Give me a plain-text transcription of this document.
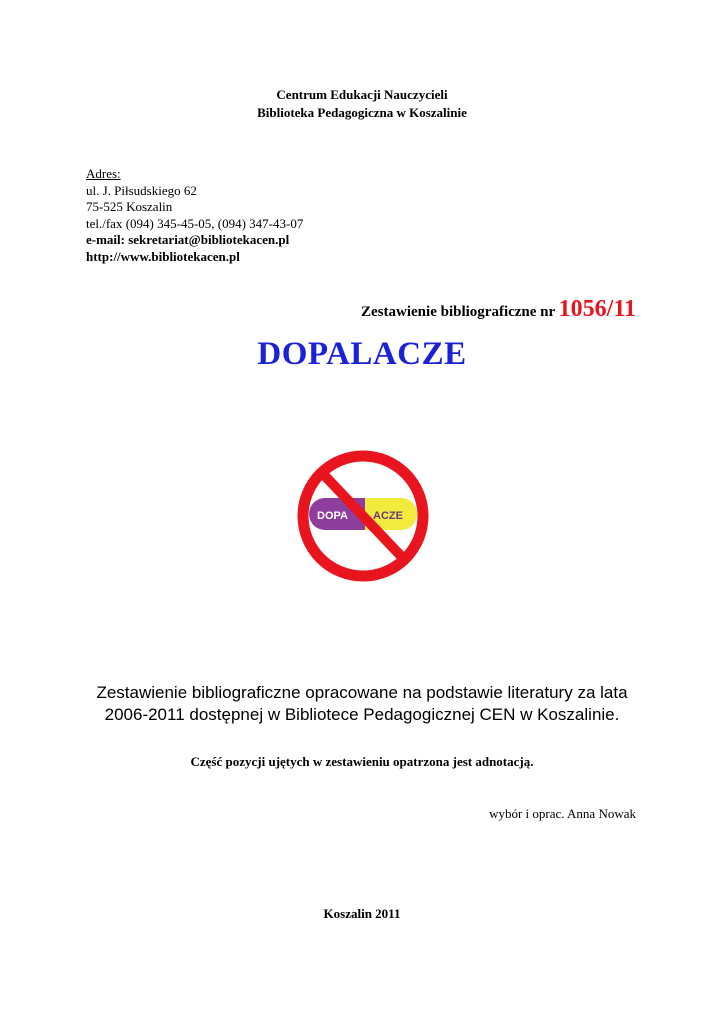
Centrum Edukacji Nauczycieli
Biblioteka Pedagogiczna w Koszalinie
Adres:
ul. J. Piłsudskiego 62
75-525 Koszalin
tel./fax (094) 345-45-05, (094) 347-43-07
e-mail: sekretariat@bibliotekacen.pl
http://www.bibliotekacen.pl
Zestawienie bibliograficzne nr 1056/11
DOPALACZE
DOPA ACZE
Zestawienie bibliograficzne opracowane na podstawie literatury za lata
2006-2011 dostępnej w Bibliotece Pedagogicznej CEN w Koszalinie.
Część pozycji ujętych w zestawieniu opatrzona jest adnotacją.
wybór i oprac. Anna Nowak
Koszalin 2011
